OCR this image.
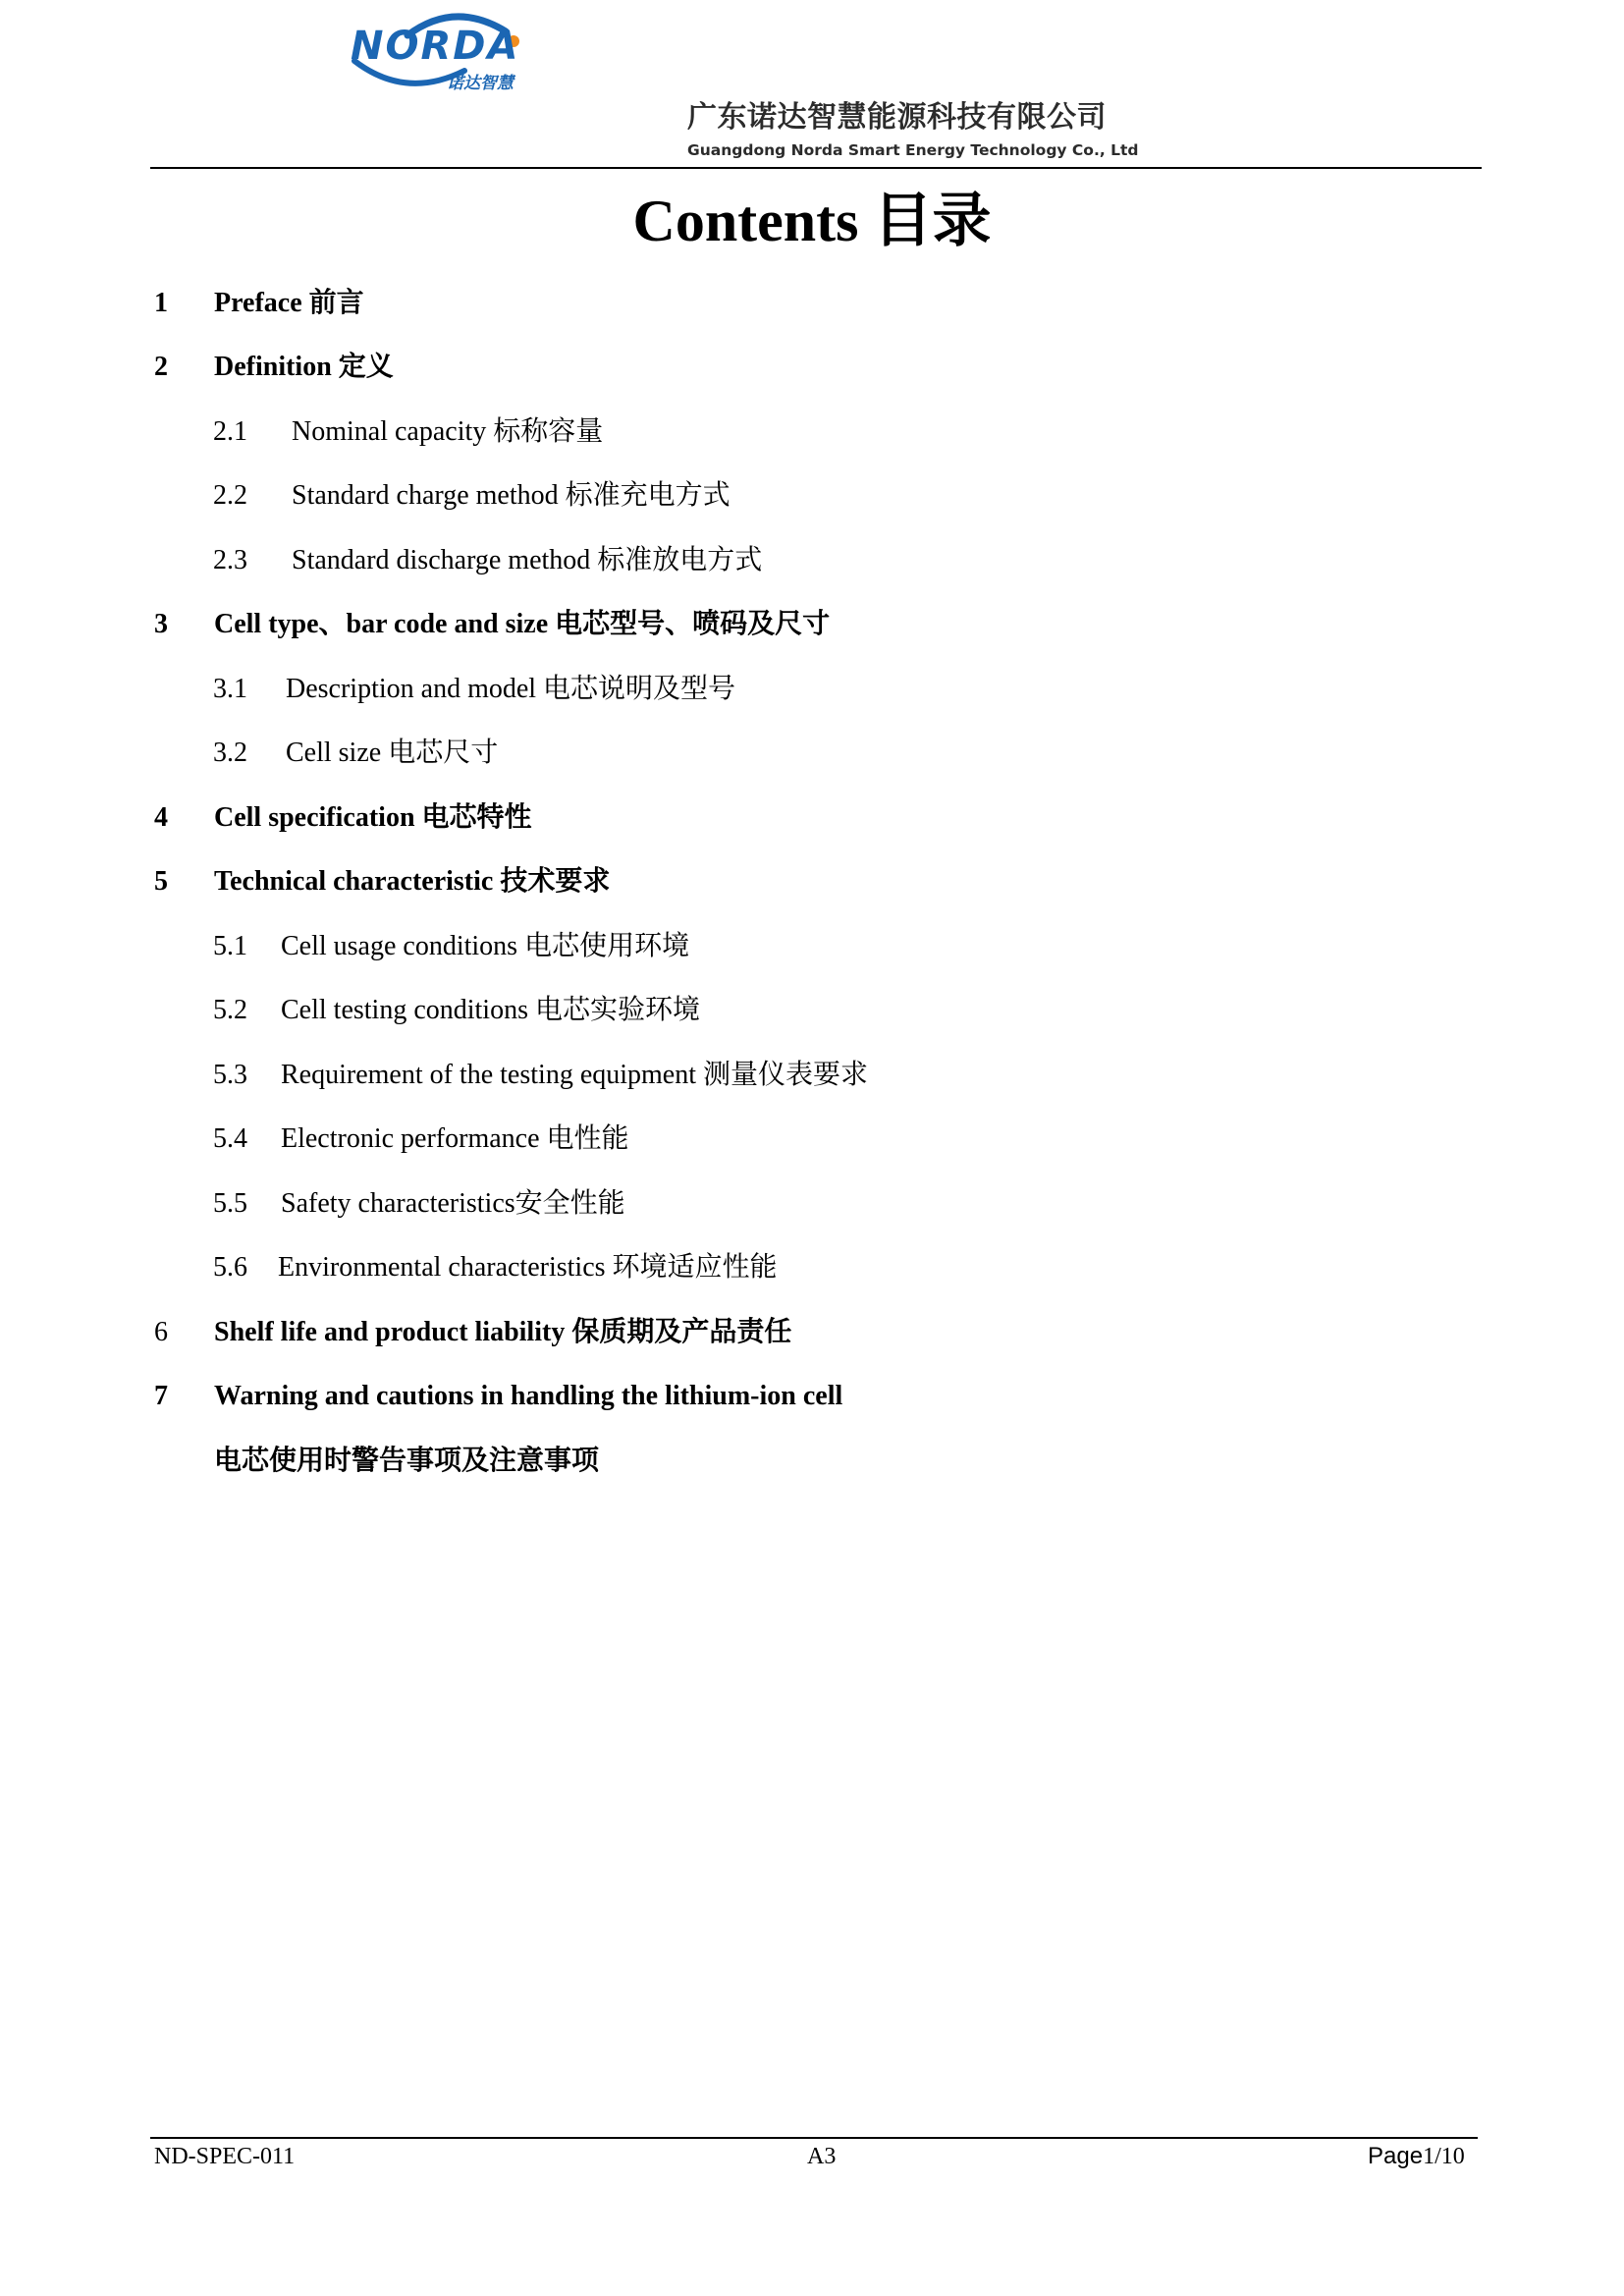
NORDA
诺达智慧
广东诺达智慧能源科技有限公司
Guangdong Norda Smart Energy Technology Co., Ltd
Contents 目录
1 Preface 前言
2 Definition 定义
2.1 Nominal capacity 标称容量
2.2 Standard charge method 标准充电方式
2.3 Standard discharge method 标准放电方式
3 Cell type、bar code and size 电芯型号、喷码及尺寸
3.1 Description and model 电芯说明及型号
3.2 Cell size 电芯尺寸
4 Cell specification 电芯特性
5 Technical characteristic 技术要求
5.1 Cell usage conditions 电芯使用环境
5.2 Cell testing conditions 电芯实验环境
5.3 Requirement of the testing equipment 测量仪表要求
5.4 Electronic performance 电性能
5.5 Safety characteristics安全性能
5.6 Environmental characteristics 环境适应性能
6 Shelf life and product liability 保质期及产品责任
7 Warning and cautions in handling the lithium-ion cell
电芯使用时警告事项及注意事项
ND-SPEC-011	A3	Page1/10
